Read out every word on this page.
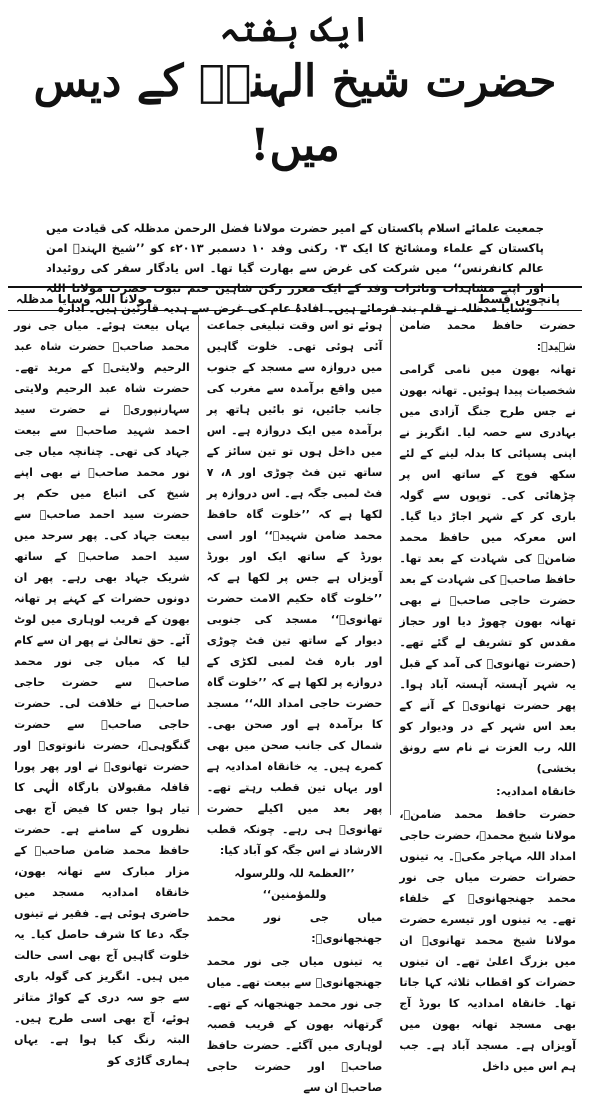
ایک ہفتہ
حضرت شیخ الہندؒ کے دیس میں!
جمعیت علمائے اسلام پاکستان کے امیر حضرت مولانا فضل الرحمن مدظلہ کی قیادت میں پاکستان کے علماء ومشائخ کا ایک ۰۳ رکنی وفد ۱۰ دسمبر ۲۰۱۳ء کو ’’شیخ الہندؒ امن عالم کانفرنس‘‘ میں شرکت کی غرض سے بھارت گیا تھا۔ اس یادگار سفر کی روئیداد اور اپنے مشاہدات وتاثرات وفد کے ایک معزز رکن شاہین ختم نبوت حضرت مولانا اللہ وسایا مدظلہ نے قلم بند فرمائے ہیں۔ افادۂ عام کی غرض سے ہدیہ قارئین ہیں۔ ادارہ
پانچویں قسط
مولانا اللہ وسایا مدظلہ

حضرت حافظ محمد ضامن شہیدؒ:

تھانہ بھون میں نامی گرامی شخصیات پیدا ہوئیں۔ تھانہ بھون نے جس طرح جنگ آزادی میں بہادری سے حصہ لیا۔ انگریز نے اپنی پسپائی کا بدلہ لینے کے لئے سکھ فوج کے ساتھ اس پر چڑھائی کی۔ توپوں سے گولہ باری کر کے شہر اجاڑ دیا گیا۔ اس معرکہ میں حافظ محمد ضامنؒ کی شہادت کے بعد تھا۔ حافظ صاحبؒ کی شہادت کے بعد حضرت حاجی صاحبؒ نے بھی تھانہ بھون چھوڑ دیا اور حجاز مقدس کو تشریف لے گئے تھے۔ (حضرت تھانویؒ کی آمد کے قبل یہ شہر آہستہ آہستہ آباد ہوا۔ پھر حضرت تھانویؒ کے آنے کے بعد اس شہر کے در ودیوار کو اللہ رب العزت نے نام سے رونق بخشی)

خانقاہ امدادیہ:

حضرت حافظ محمد ضامنؒ، مولانا شیخ محمدؒ، حضرت حاجی امداد اللہ مہاجر مکیؒ۔ یہ تینوں حضرات حضرت میاں جی نور محمد جھنجھانویؒ کے خلفاء تھے۔ یہ تینوں اور تیسرے حضرت مولانا شیخ محمد تھانویؒ ان میں بزرگ اعلیٰ تھے۔ ان تینوں حضرات کو اقطاب ثلاثہ کہا جاتا تھا۔ خانقاہ امدادیہ کا بورڈ آج بھی مسجد تھانہ بھون میں آویزاں ہے۔ مسجد آباد ہے۔ جب ہم اس میں داخل

ہوئے تو اس وقت تبلیغی جماعت آئی ہوئی تھی۔ خلوت گاہیں میں دروازہ سے مسجد کے جنوب میں واقع برآمدہ سے مغرب کی جانب جائیں، تو بائیں ہاتھ پر برآمدہ میں ایک دروازہ ہے۔ اس میں داخل ہوں تو تین سائز کے ساتھ تین فٹ چوڑی اور ۸، ۷ فٹ لمبی جگہ ہے۔ اس دروازہ پر لکھا ہے کہ ’’خلوت گاہ حافظ محمد ضامن شہیدؒ‘‘ اور اسی بورڈ کے ساتھ ایک اور بورڈ آویزاں ہے جس پر لکھا ہے کہ ’’خلوت گاہ حکیم الامت حضرت تھانویؒ‘‘ مسجد کی جنوبی دیوار کے ساتھ تین فٹ چوڑی اور بارہ فٹ لمبی لکڑی کے دروازے پر لکھا ہے کہ ’’خلوت گاہ حضرت حاجی امداد اللہ‘‘ مسجد کا برآمدہ ہے اور صحن بھی۔ شمال کی جانب صحن میں بھی کمرے ہیں۔ یہ خانقاہ امدادیہ ہے اور یہاں تین قطب رہتے تھے۔ پھر بعد میں اکیلے حضرت تھانویؒ ہی رہے۔ چونکہ قطب الارشاد نے اس جگہ کو آباد کیا:

’’العظمۃ للہ وللرسولہ وللمؤمنین‘‘

میاں جی نور محمد جھنجھانویؒ:

یہ تینوں میاں جی نور محمد جھنجھانویؒ سے بیعت تھے۔ میاں جی نور محمد جھنجھانہ کے تھے۔ گرتھانہ بھون کے قریب قصبہ لوہاری میں آگئے۔ حضرت حافظ صاحبؒ اور حضرت حاجی صاحبؒ ان سے

یہاں بیعت ہوئے۔ میاں جی نور محمد صاحبؒ حضرت شاہ عبد الرحیم ولایتیؒ کے مرید تھے۔ حضرت شاہ عبد الرحیم ولایتی سہارنپوریؒ نے حضرت سید احمد شہید صاحبؒ سے بیعت جہاد کی تھی۔ چنانچہ میاں جی نور محمد صاحبؒ نے بھی اپنے شیخ کی اتباع میں حکم پر حضرت سید احمد صاحبؒ سے بیعت جہاد کی۔ پھر سرحد میں سید احمد صاحبؒ کے ساتھ شریک جہاد بھی رہے۔ پھر ان دونوں حضرات کے کہنے پر تھانہ بھون کے قریب لوہاری میں لوٹ آئے۔ حق تعالیٰ نے پھر ان سے کام لیا کہ میاں جی نور محمد صاحبؒ سے حضرت حاجی صاحبؒ نے خلافت لی۔ حضرت حاجی صاحبؒ سے حضرت گنگوہیؒ، حضرت نانوتویؒ اور حضرت تھانویؒ نے اور پھر پورا قافلہ مقبولان بارگاہ الٰہی کا تیار ہوا جس کا فیض آج بھی نظروں کے سامنے ہے۔ حضرت حافظ محمد ضامن صاحبؒ کے مزار مبارک سے تھانہ بھون، خانقاہ امدادیہ مسجد میں حاضری ہوئی ہے۔ فقیر نے تینوں جگہ دعا کا شرف حاصل کیا۔ یہ خلوت گاہیں آج بھی اسی حالت میں ہیں۔ انگریز کی گولہ باری سے جو سہ دری کے کواڑ متاثر ہوئے، آج بھی اسی طرح ہیں۔ البتہ رنگ کیا ہوا ہے۔ یہاں ہماری گاڑی کو
